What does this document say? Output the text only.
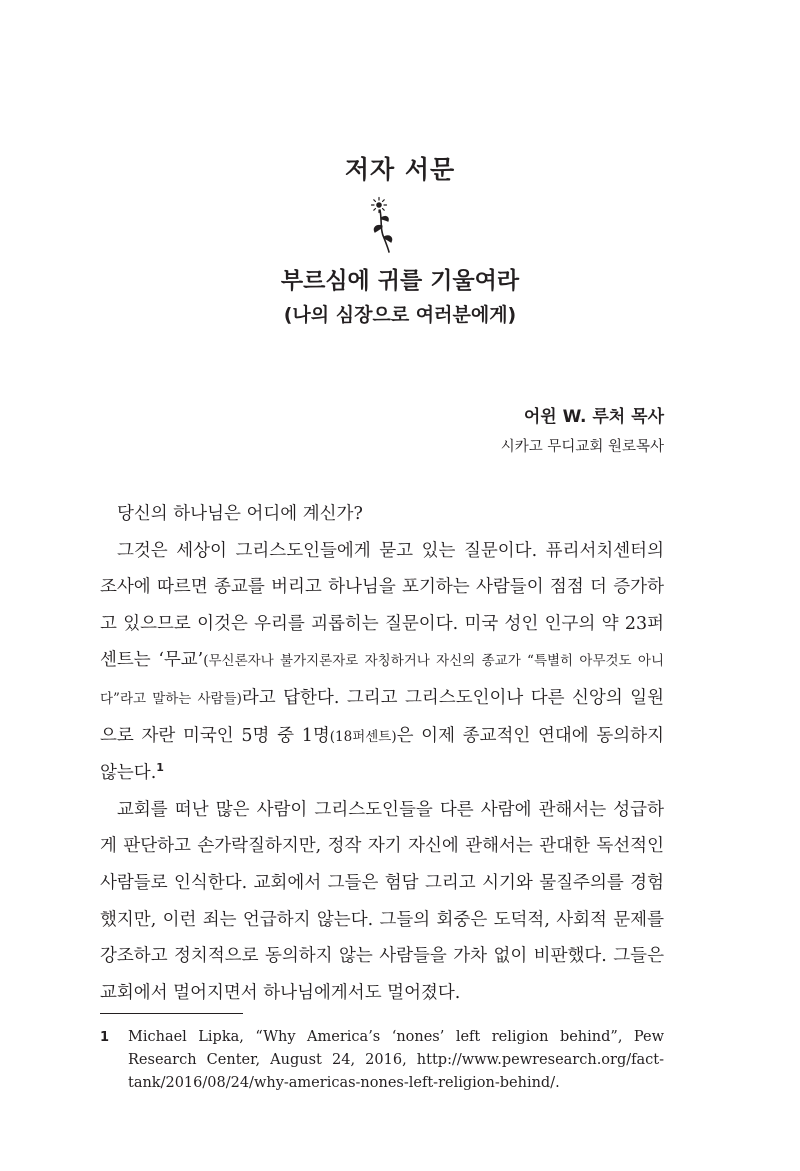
저자 서문
부르심에 귀를 기울여라
(나의 심장으로 여러분에게)
어윈 W. 루처 목사
시카고 무디교회 원로목사

당신의 하나님은 어디에 계신가?

그것은 세상이 그리스도인들에게 묻고 있는 질문이다. 퓨리서치센터의 조사에 따르면 종교를 버리고 하나님을 포기하는 사람들이 점점 더 증가하고 있으므로 이것은 우리를 괴롭히는 질문이다. 미국 성인 인구의 약 23퍼센트는 ‘무교’(무신론자나 불가지론자로 자칭하거나 자신의 종교가 “특별히 아무것도 아니다”라고 말하는 사람들)라고 답한다. 그리고 그리스도인이나 다른 신앙의 일원으로 자란 미국인 5명 중 1명(18퍼센트)은 이제 종교적인 연대에 동의하지 않는다.$^1$

교회를 떠난 많은 사람이 그리스도인들을 다른 사람에 관해서는 성급하게 판단하고 손가락질하지만, 정작 자기 자신에 관해서는 관대한 독선적인 사람들로 인식한다. 교회에서 그들은 험담 그리고 시기와 물질주의를 경험했지만, 이런 죄는 언급하지 않는다. 그들의 회중은 도덕적, 사회적 문제를 강조하고 정치적으로 동의하지 않는 사람들을 가차 없이 비판했다. 그들은 교회에서 멀어지면서 하나님에게서도 멀어졌다.

1 Michael Lipka, “Why America’s ‘nones’ left religion behind”, Pew Research Center, August 24, 2016, http://www.pewresearch.org/fact-tank/2016/08/24/why-americas-nones-left-religion-behind/.
